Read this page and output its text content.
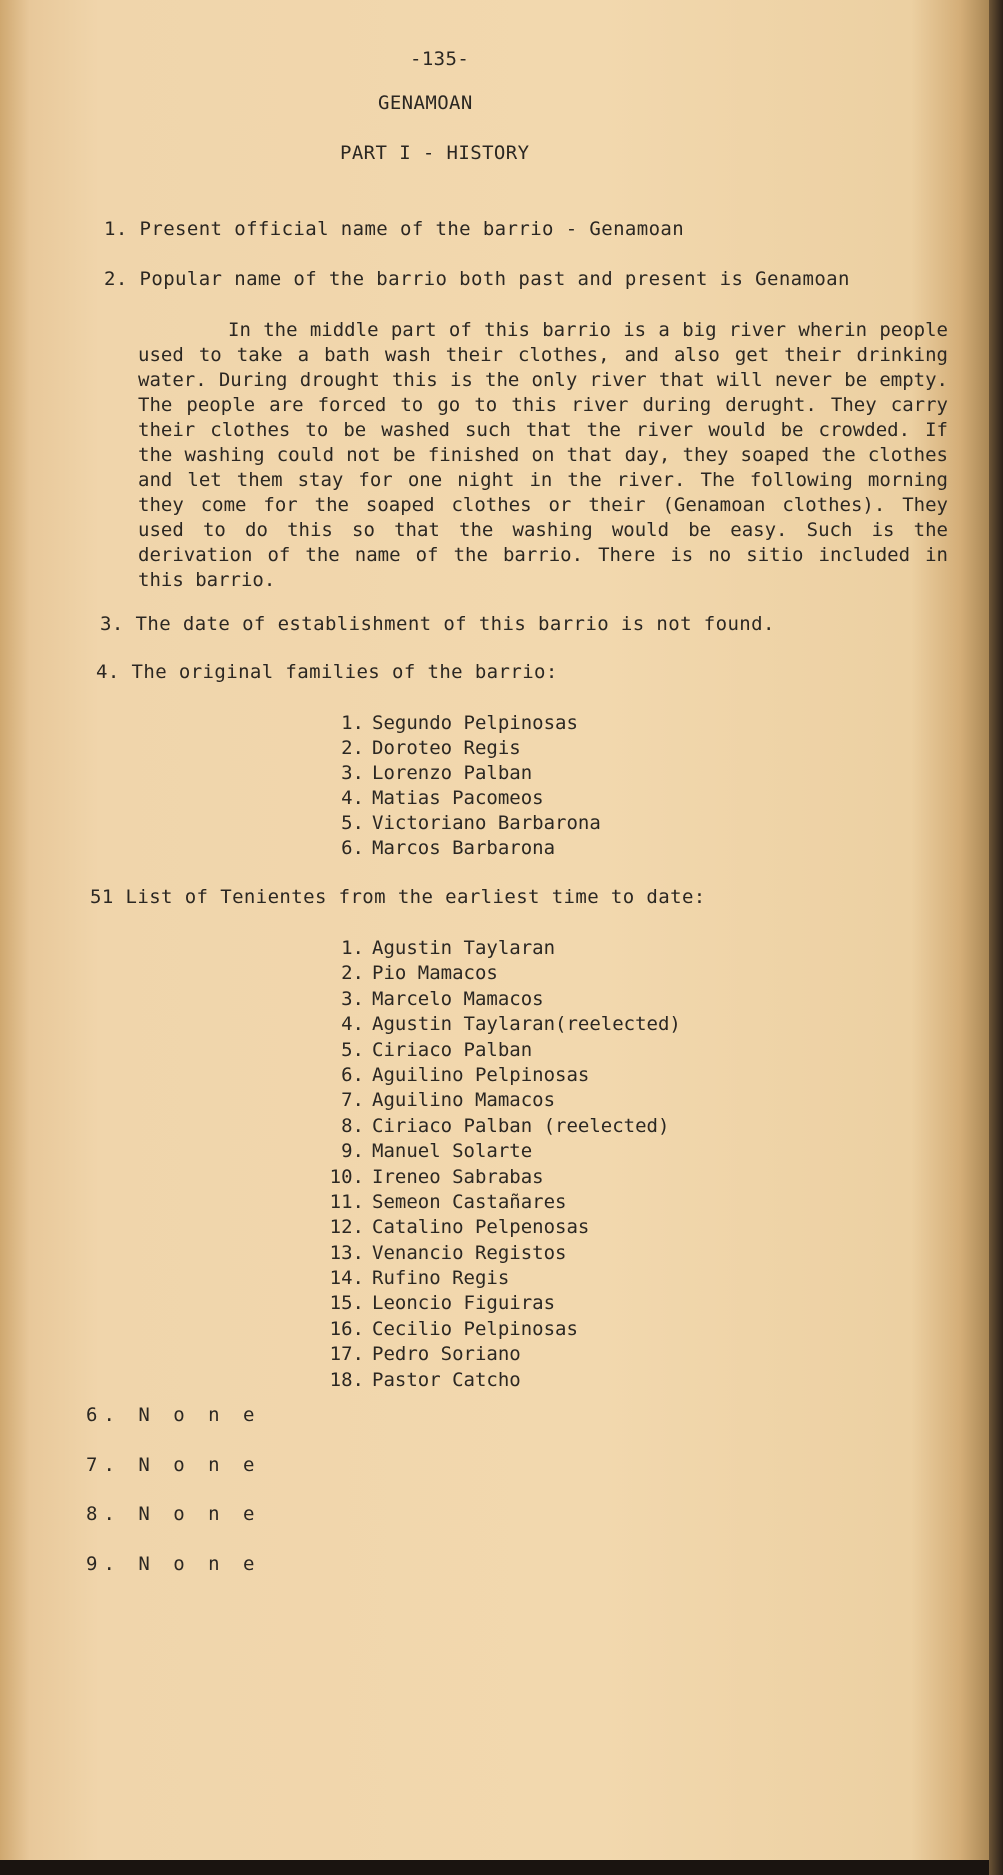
-135-
GENAMOAN
PART I - HISTORY
1. Present official name of the barrio - Genamoan
2. Popular name of the barrio both past and present is Genamoan

In the middle part of this barrio is a big river wherin people used to take a bath wash their clothes, and also get their drinking water. During drought this is the only river that will never be empty. The people are forced to go to this river during derught. They carry their clothes to be washed such that the river would be crowded. If the washing could not be finished on that day, they soaped the clothes and let them stay for one night in the river. The following morning they come for the soaped clothes or their (Genamoan clothes). They used to do this so that the washing would be easy. Such is the derivation of the name of the barrio. There is no sitio included in this barrio.

3. The date of establishment of this barrio is not found.
4. The original families of the barrio:
1. Segundo Pelpinosas
2. Doroteo Regis
3. Lorenzo Palban
4. Matias Pacomeos
5. Victoriano Barbarona
6. Marcos Barbarona
51 List of Tenientes from the earliest time to date:
1. Agustin Taylaran
2. Pio Mamacos
3. Marcelo Mamacos
4. Agustin Taylaran(reelected)
5. Ciriaco Palban
6. Aguilino Pelpinosas
7. Aguilino Mamacos
8. Ciriaco Palban (reelected)
9. Manuel Solarte
10. Ireneo Sabrabas
11. Semeon Castañares
12. Catalino Pelpenosas
13. Venancio Registos
14. Rufino Regis
15. Leoncio Figuiras
16. Cecilio Pelpinosas
17. Pedro Soriano
18. Pastor Catcho
6. N o n e
7. N o n e
8. N o n e
9. N o n e
